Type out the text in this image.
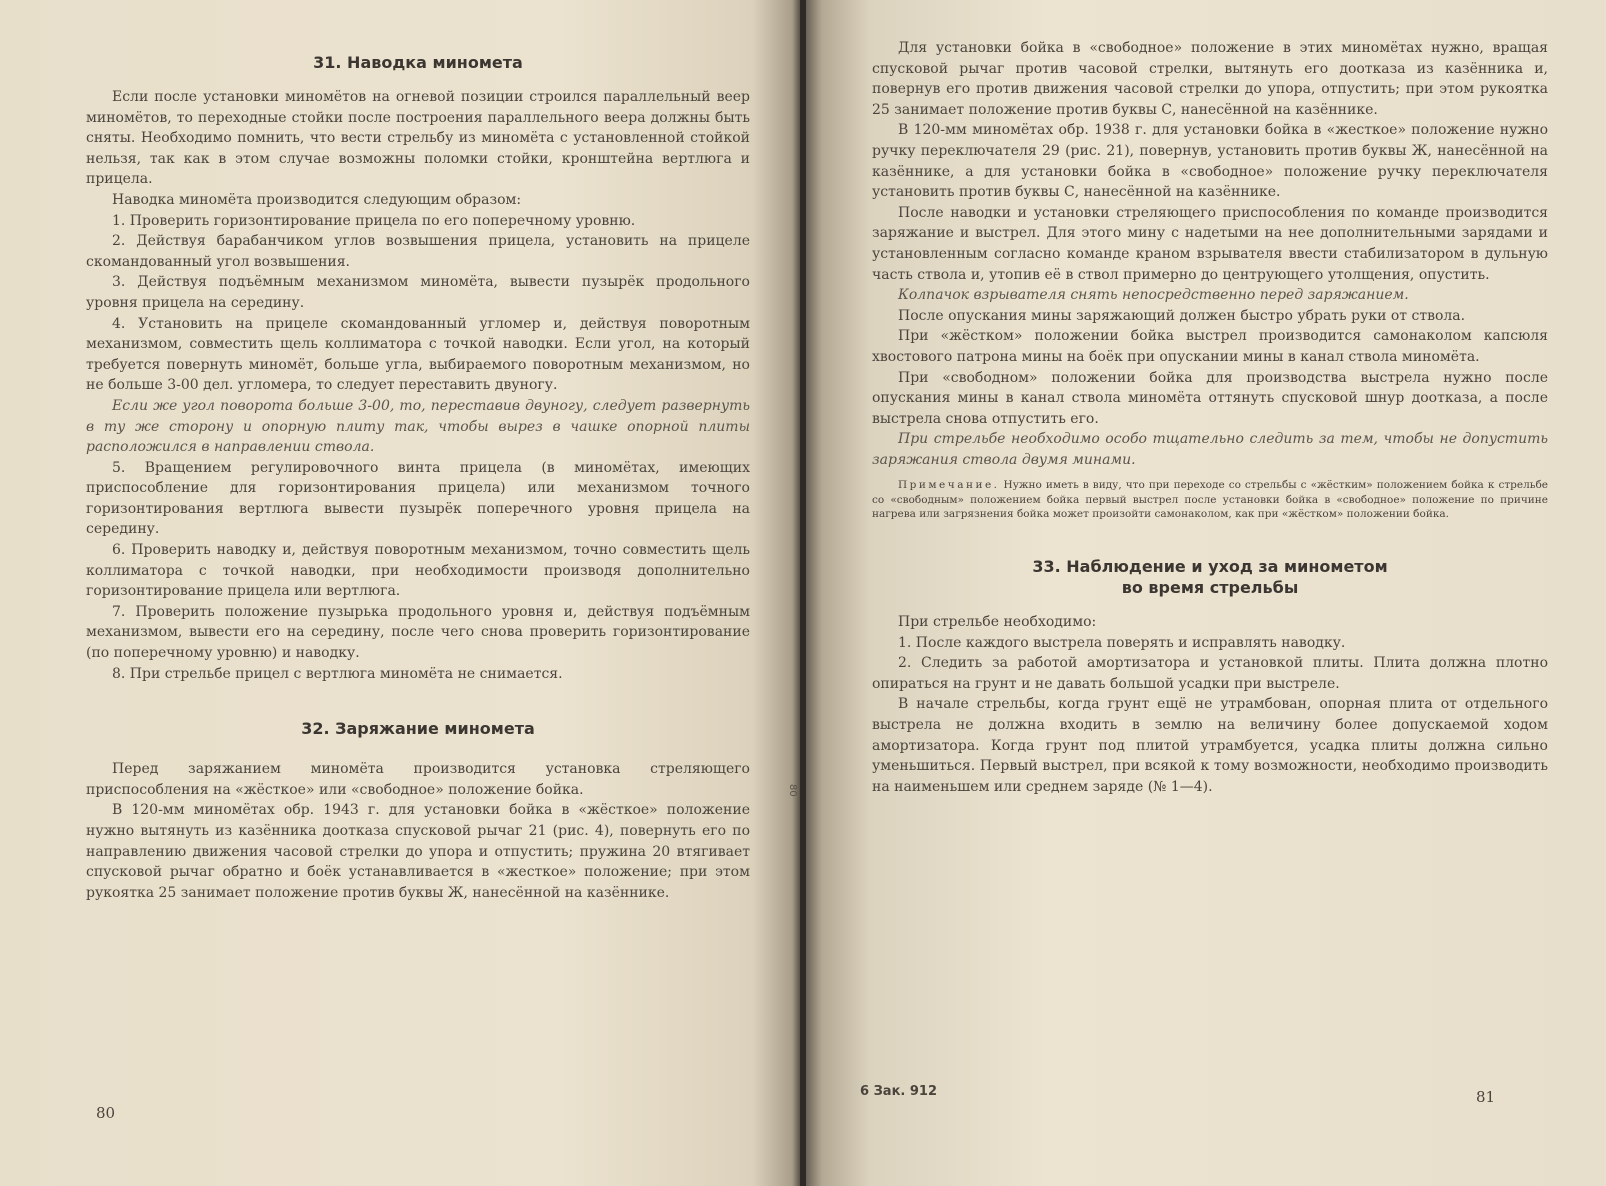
31. Наводка миномета

Если после установки миномётов на огневой позиции строился параллельный веер миномётов, то переходные стойки после построения параллельного веера должны быть сняты. Необходимо помнить, что вести стрельбу из миномёта с установленной стойкой нельзя, так как в этом случае возможны поломки стойки, кронштейна вертлюга и прицела.

Наводка миномёта производится следующим образом:

1. Проверить горизонтирование прицела по его поперечному уровню.

2. Действуя барабанчиком углов возвышения прицела, установить на прицеле скомандованный угол возвышения.

3. Действуя подъёмным механизмом миномёта, вывести пузырёк продольного уровня прицела на середину.

4. Установить на прицеле скомандованный угломер и, действуя поворотным механизмом, совместить щель коллиматора с точкой наводки. Если угол, на который требуется повернуть миномёт, больше угла, выбираемого поворотным механизмом, но не больше 3-00 дел. угломера, то следует переставить двуногу.

Если же угол поворота больше 3-00, то, переставив двуногу, следует развернуть в ту же сторону и опорную плиту так, чтобы вырез в чашке опорной плиты расположился в направлении ствола.

5. Вращением регулировочного винта прицела (в миномётах, имеющих приспособление для горизонтирования прицела) или механизмом точного горизонтирования вертлюга вывести пузырёк поперечного уровня прицела на середину.

6. Проверить наводку и, действуя поворотным механизмом, точно совместить щель коллиматора с точкой наводки, при необходимости производя дополнительно горизонтирование прицела или вертлюга.

7. Проверить положение пузырька продольного уровня и, действуя подъёмным механизмом, вывести его на середину, после чего снова проверить горизонтирование (по поперечному уровню) и наводку.

8. При стрельбе прицел с вертлюга миномёта не снимается.

32. Заряжание миномета

Перед заряжанием миномёта производится установка стреляющего приспособления на «жёсткое» или «свободное» положение бойка.

В 120-мм миномётах обр. 1943 г. для установки бойка в «жёсткое» положение нужно вытянуть из казённика доотказа спусковой рычаг 21 (рис. 4), повернуть его по направлению движения часовой стрелки до упора и отпустить; пружина 20 втягивает спусковой рычаг обратно и боёк устанавливается в «жесткое» положение; при этом рукоятка 25 занимает положение против буквы Ж, нанесённой на казённике.

80
80

Для установки бойка в «свободное» положение в этих миномётах нужно, вращая спусковой рычаг против часовой стрелки, вытянуть его доотказа из казённика и, повернув его против движения часовой стрелки до упора, отпустить; при этом рукоятка 25 занимает положение против буквы С, нанесённой на казённике.

В 120-мм миномётах обр. 1938 г. для установки бойка в «жесткое» положение нужно ручку переключателя 29 (рис. 21), повернув, установить против буквы Ж, нанесённой на казённике, а для установки бойка в «свободное» положение ручку переключателя установить против буквы С, нанесённой на казённике.

После наводки и установки стреляющего приспособления по команде производится заряжание и выстрел. Для этого мину с надетыми на нее дополнительными зарядами и установленным согласно команде краном взрывателя ввести стабилизатором в дульную часть ствола и, утопив её в ствол примерно до центрующего утолщения, опустить.

Колпачок взрывателя снять непосредственно перед заряжанием.

После опускания мины заряжающий должен быстро убрать руки от ствола.

При «жёстком» положении бойка выстрел производится самонаколом капсюля хвостового патрона мины на боёк при опускании мины в канал ствола миномёта.

При «свободном» положении бойка для производства выстрела нужно после опускания мины в канал ствола миномёта оттянуть спусковой шнур доотказа, а после выстрела снова отпустить его.

При стрельбе необходимо особо тщательно следить за тем, чтобы не допустить заряжания ствола двумя минами.

Примечание. Нужно иметь в виду, что при переходе со стрельбы с «жёстким» положением бойка к стрельбе со «свободным» положением бойка первый выстрел после установки бойка в «свободное» положение по причине нагрева или загрязнения бойка может произойти самонаколом, как при «жёстком» положении бойка.

33. Наблюдение и уход за минометом
во время стрельбы

При стрельбе необходимо:

1. После каждого выстрела поверять и исправлять наводку.

2. Следить за работой амортизатора и установкой плиты. Плита должна плотно опираться на грунт и не давать большой усадки при выстреле.

В начале стрельбы, когда грунт ещё не утрамбован, опорная плита от отдельного выстрела не должна входить в землю на величину более допускаемой ходом амортизатора. Когда грунт под плитой утрамбуется, усадка плиты должна сильно уменьшиться. Первый выстрел, при всякой к тому возможности, необходимо производить на наименьшем или среднем заряде (№ 1—4).

6 Зак. 912	81
